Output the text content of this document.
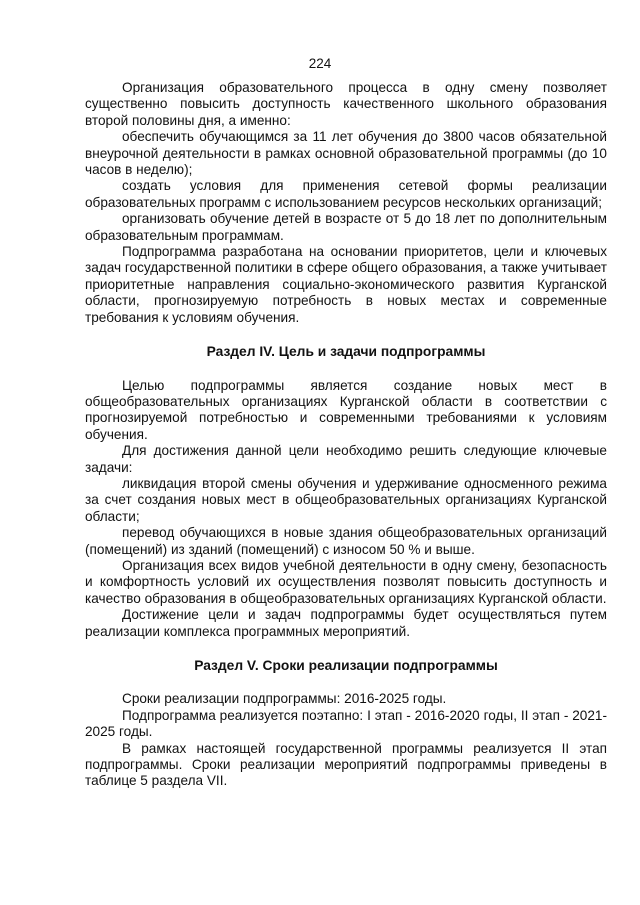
224

Организация образовательного процесса в одну смену позволяет существенно повысить доступность качественного школьного образования второй половины дня, а именно:

обеспечить обучающимся за 11 лет обучения до 3800 часов обязательной внеурочной деятельности в рамках основной образовательной программы (до 10 часов в неделю);

создать условия для применения сетевой формы реализации образовательных программ с использованием ресурсов нескольких организаций;

организовать обучение детей в возрасте от 5 до 18 лет по дополнительным образовательным программам.

Подпрограмма разработана на основании приоритетов, цели и ключевых задач государственной политики в сфере общего образования, а также учитывает приоритетные направления социально-экономического развития Курганской области, прогнозируемую потребность в новых местах и современные требования к условиям обучения.

Раздел IV. Цель и задачи подпрограммы

Целью подпрограммы является создание новых мест в общеобразовательных организациях Курганской области в соответствии с прогнозируемой потребностью и современными требованиями к условиям обучения.

Для достижения данной цели необходимо решить следующие ключевые задачи:

ликвидация второй смены обучения и удерживание односменного режима за счет создания новых мест в общеобразовательных организациях Курганской области;

перевод обучающихся в новые здания общеобразовательных организаций (помещений) из зданий (помещений) с износом 50 % и выше.

Организация всех видов учебной деятельности в одну смену, безопасность и комфортность условий их осуществления позволят повысить доступность и качество образования в общеобразовательных организациях Курганской области.

Достижение цели и задач подпрограммы будет осуществляться путем реализации комплекса программных мероприятий.

Раздел V. Сроки реализации подпрограммы

Сроки реализации подпрограммы: 2016-2025 годы.

Подпрограмма реализуется поэтапно: I этап - 2016-2020 годы, II этап - 2021-2025 годы.

В рамках настоящей государственной программы реализуется II этап подпрограммы. Сроки реализации мероприятий подпрограммы приведены в таблице 5 раздела VII.
